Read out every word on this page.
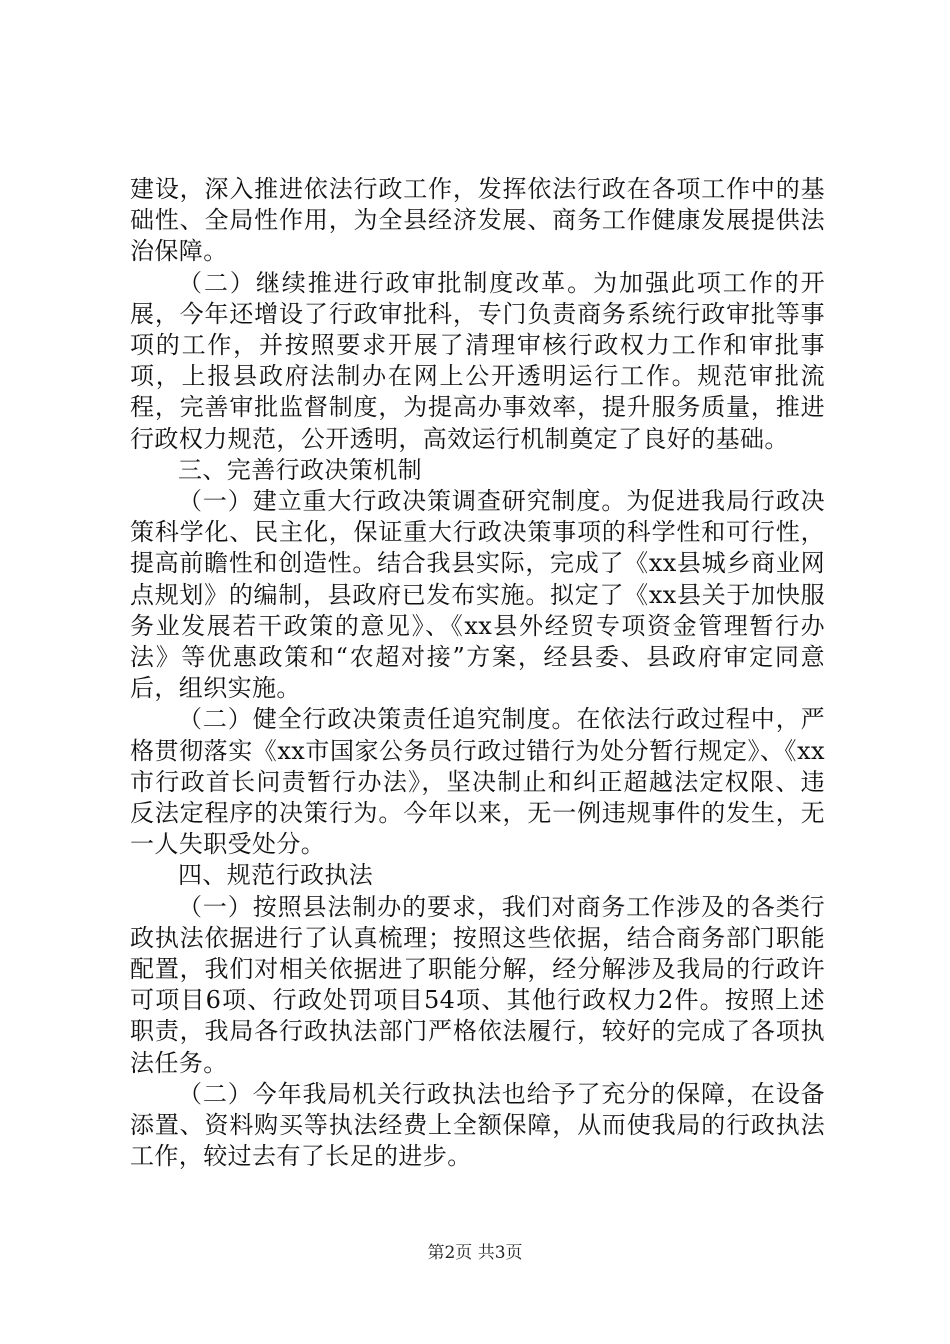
建设，深入推进依法行政工作，发挥依法行政在各项工作中的基础性、全局性作用，为全县经济发展、商务工作健康发展提供法治保障。

（二）继续推进行政审批制度改革。为加强此项工作的开展，今年还增设了行政审批科，专门负责商务系统行政审批等事项的工作，并按照要求开展了清理审核行政权力工作和审批事项，上报县政府法制办在网上公开透明运行工作。规范审批流程，完善审批监督制度，为提高办事效率，提升服务质量，推进行政权力规范，公开透明，高效运行机制奠定了良好的基础。

三、完善行政决策机制

（一）建立重大行政决策调查研究制度。为促进我局行政决策科学化、民主化，保证重大行政决策事项的科学性和可行性，提高前瞻性和创造性。结合我县实际，完成了《xx县城乡商业网点规划》的编制，县政府已发布实施。拟定了《xx县关于加快服务业发展若干政策的意见》、《xx县外经贸专项资金管理暂行办法》等优惠政策和“农超对接”方案，经县委、县政府审定同意后，组织实施。

（二）健全行政决策责任追究制度。在依法行政过程中，严格贯彻落实《xx市国家公务员行政过错行为处分暂行规定》、《xx市行政首长问责暂行办法》，坚决制止和纠正超越法定权限、违反法定程序的决策行为。今年以来，无一例违规事件的发生，无一人失职受处分。

四、规范行政执法

（一）按照县法制办的要求，我们对商务工作涉及的各类行政执法依据进行了认真梳理；按照这些依据，结合商务部门职能配置，我们对相关依据进了职能分解，经分解涉及我局的行政许可项目6项、行政处罚项目54项、其他行政权力2件。按照上述职责，我局各行政执法部门严格依法履行，较好的完成了各项执法任务。

（二）今年我局机关行政执法也给予了充分的保障，在设备添置、资料购买等执法经费上全额保障，从而使我局的行政执法工作，较过去有了长足的进步。

第2页 共3页
